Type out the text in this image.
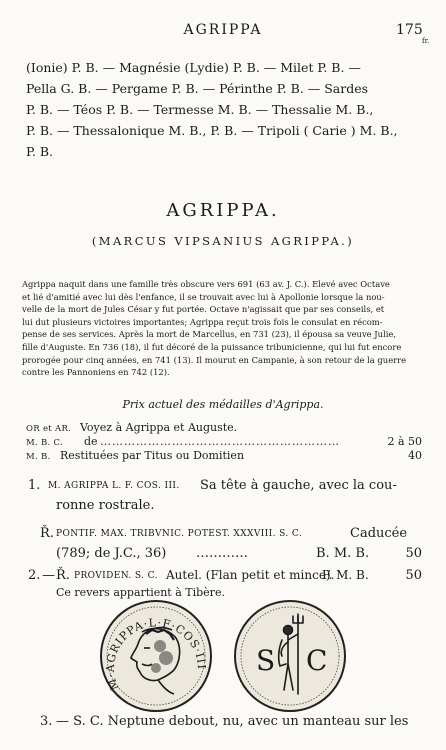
AGRIPPA	175
fr.
(Ionie) P. B. — Magnésie (Lydie) P. B. — Milet P. B. —
Pella G. B. — Pergame P. B. — Périnthe P. B. — Sardes
P. B. — Téos P. B. — Termesse M. B. — Thessalie M. B.,
P. B. — Thessalonique M. B., P. B. — Tripoli ( Carie ) M. B.,
P. B.
AGRIPPA.
(MARCUS VIPSANIUS AGRIPPA.)

Agrippa naquit dans une famille très obscure vers 691 (63 av. J. C.). Elevé avec Octave

et lié d'amitié avec lui dès l'enfance, il se trouvait avec lui à Apollonie lorsque la nou-

velle de la mort de Jules César y fut portée. Octave n'agissait que par ses conseils, et

lui dut plusieurs victoires importantes; Agrippa reçut trois fois le consulat en récom-

pense de ses services. Après la mort de Marcellus, en 731 (23), il épousa sa veuve Julie,

fille d'Auguste. En 736 (18), il fut décoré de la puissance tribunicienne, qui lui fut encore

prorogée pour cinq années, en 741 (13). Il mourut en Campanie, à son retour de la guerre

contre les Pannoniens en 742 (12).

Prix actuel des médailles d'Agrippa.
OR et AR. Voyez à Agrippa et Auguste.
M. B. C. de ……………………………………………………	2 à 50
M. B. Restituées par Titus ou Domitien	40
1. M. AGRIPPA L. F. COS. III. Sa tête à gauche, avec la cou-
ronne rostrale.
Ř. PONTIF. MAX. TRIBVNIC. POTEST. XXXVIII. S. C.	Caducée
(789; de J.C., 36) …………	B. M. B.	50
2. — Ř. PROVIDEN. S. C. Autel. (Flan petit et mince).
F. M. B.	50
Ce revers appartient à Tibère.
M·AGRIPPA·L·F·COS·III S C
3. — S. C. Neptune debout, nu, avec un manteau sur les
